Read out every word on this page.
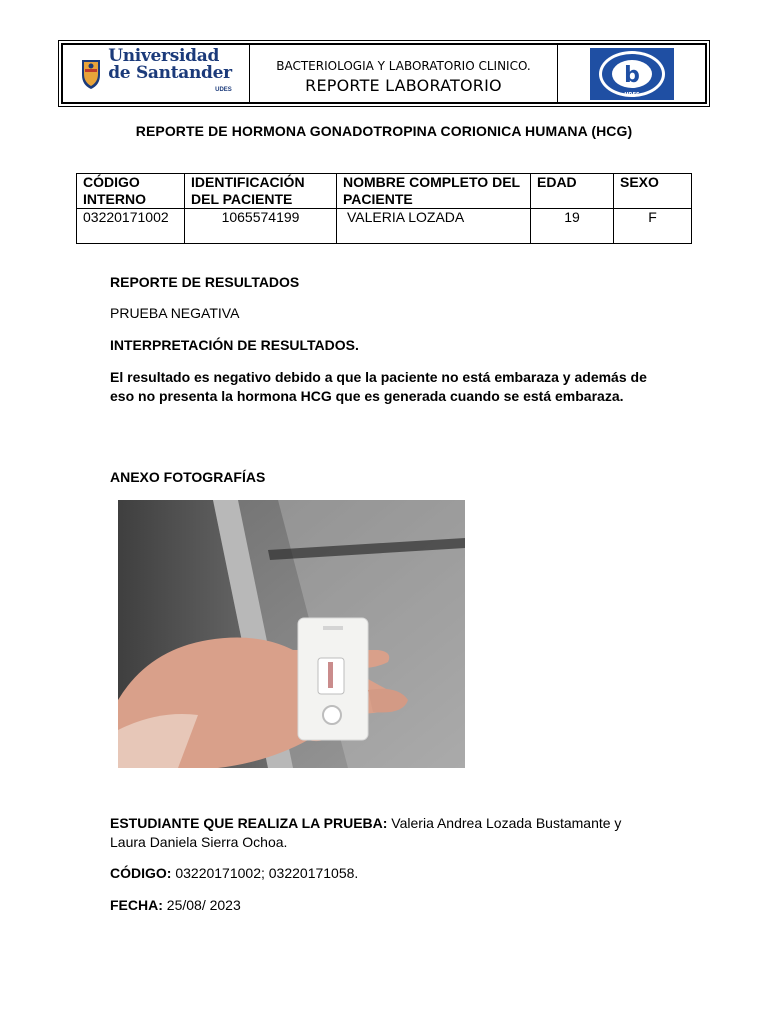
Universidad
de Santander
UDES
BACTERIOLOGIA Y LABORATORIO CLINICO.
REPORTE LABORATORIO	b
UDES
REPORTE DE HORMONA GONADOTROPINA CORIONICA HUMANA (HCG)
CÓDIGO INTERNO	IDENTIFICACIÓN DEL PACIENTE	NOMBRE COMPLETO DEL PACIENTE	EDAD	SEXO
03220171002	1065574199	VALERIA LOZADA	19	F
REPORTE DE RESULTADOS
PRUEBA NEGATIVA
INTERPRETACIÓN DE RESULTADOS.
El resultado es negativo debido a que la paciente no está embaraza y además de eso no presenta la hormona HCG que es generada cuando se está embaraza.
ANEXO FOTOGRAFÍAS
ESTUDIANTE QUE REALIZA LA PRUEBA: Valeria Andrea Lozada Bustamante y Laura Daniela Sierra Ochoa.
CÓDIGO: 03220171002; 03220171058.
FECHA: 25/08/ 2023
